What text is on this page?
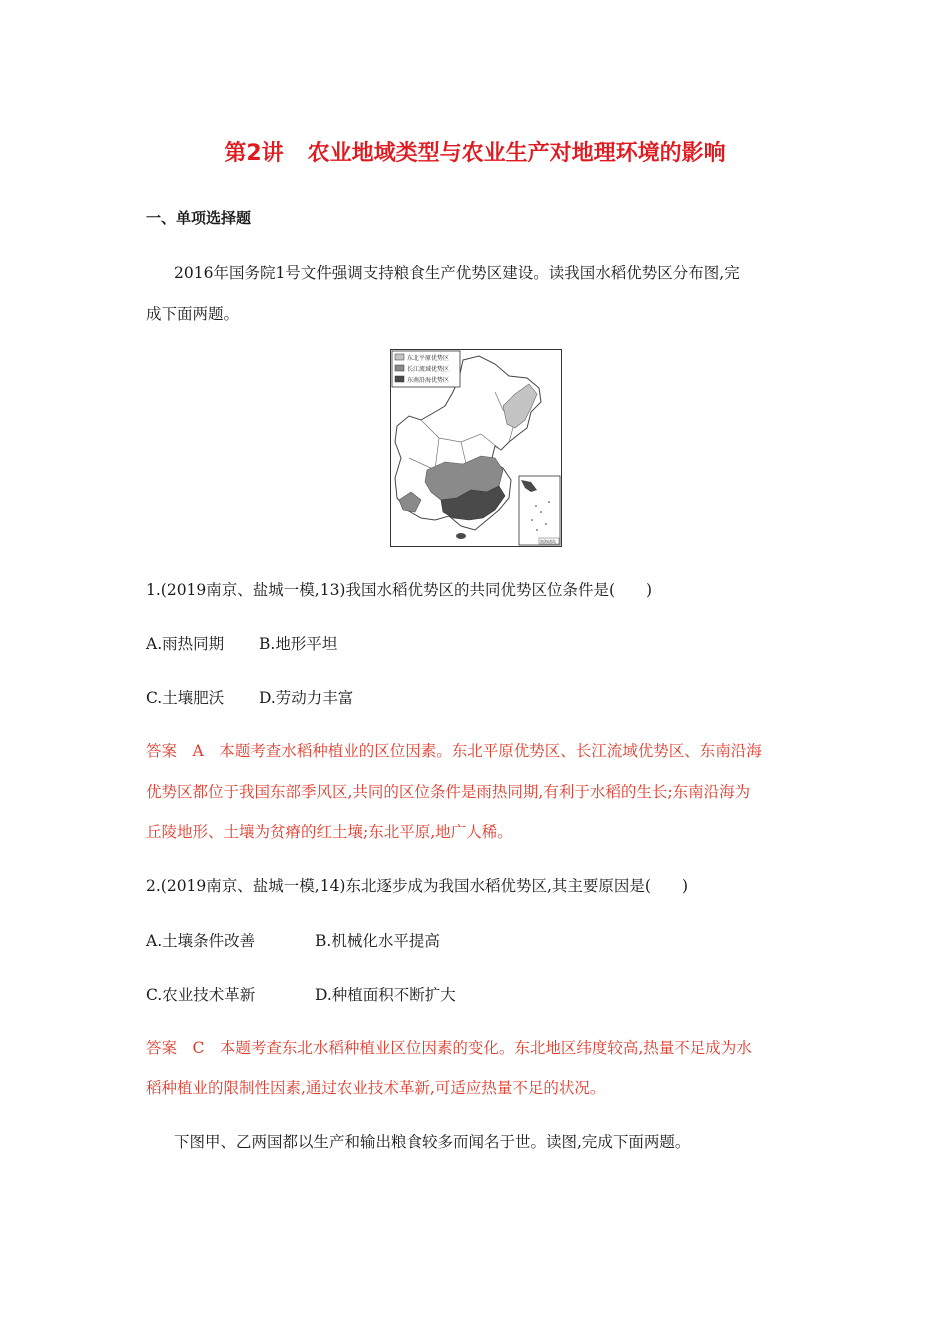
第2讲 农业地域类型与农业生产对地理环境的影响
一、单项选择题
2016年国务院1号文件强调支持粮食生产优势区建设。读我国水稻优势区分布图,完
成下面两题。
东北平原优势区
长江流域优势区
东南沿海优势区
南海诸岛
1.(2019南京、盐城一模,13)我国水稻优势区的共同优势区位条件是(　　)
A.雨热同期 B.地形平坦
C.土壤肥沃 D.劳动力丰富
答案　A　本题考查水稻种植业的区位因素。东北平原优势区、长江流域优势区、东南沿海
优势区都位于我国东部季风区,共同的区位条件是雨热同期,有利于水稻的生长;东南沿海为
丘陵地形、土壤为贫瘠的红土壤;东北平原,地广人稀。
2.(2019南京、盐城一模,14)东北逐步成为我国水稻优势区,其主要原因是(　　)
A.土壤条件改善	B.机械化水平提高
C.农业技术革新	D.种植面积不断扩大
答案　C　本题考查东北水稻种植业区位因素的变化。东北地区纬度较高,热量不足成为水
稻种植业的限制性因素,通过农业技术革新,可适应热量不足的状况。
下图甲、乙两国都以生产和输出粮食较多而闻名于世。读图,完成下面两题。
